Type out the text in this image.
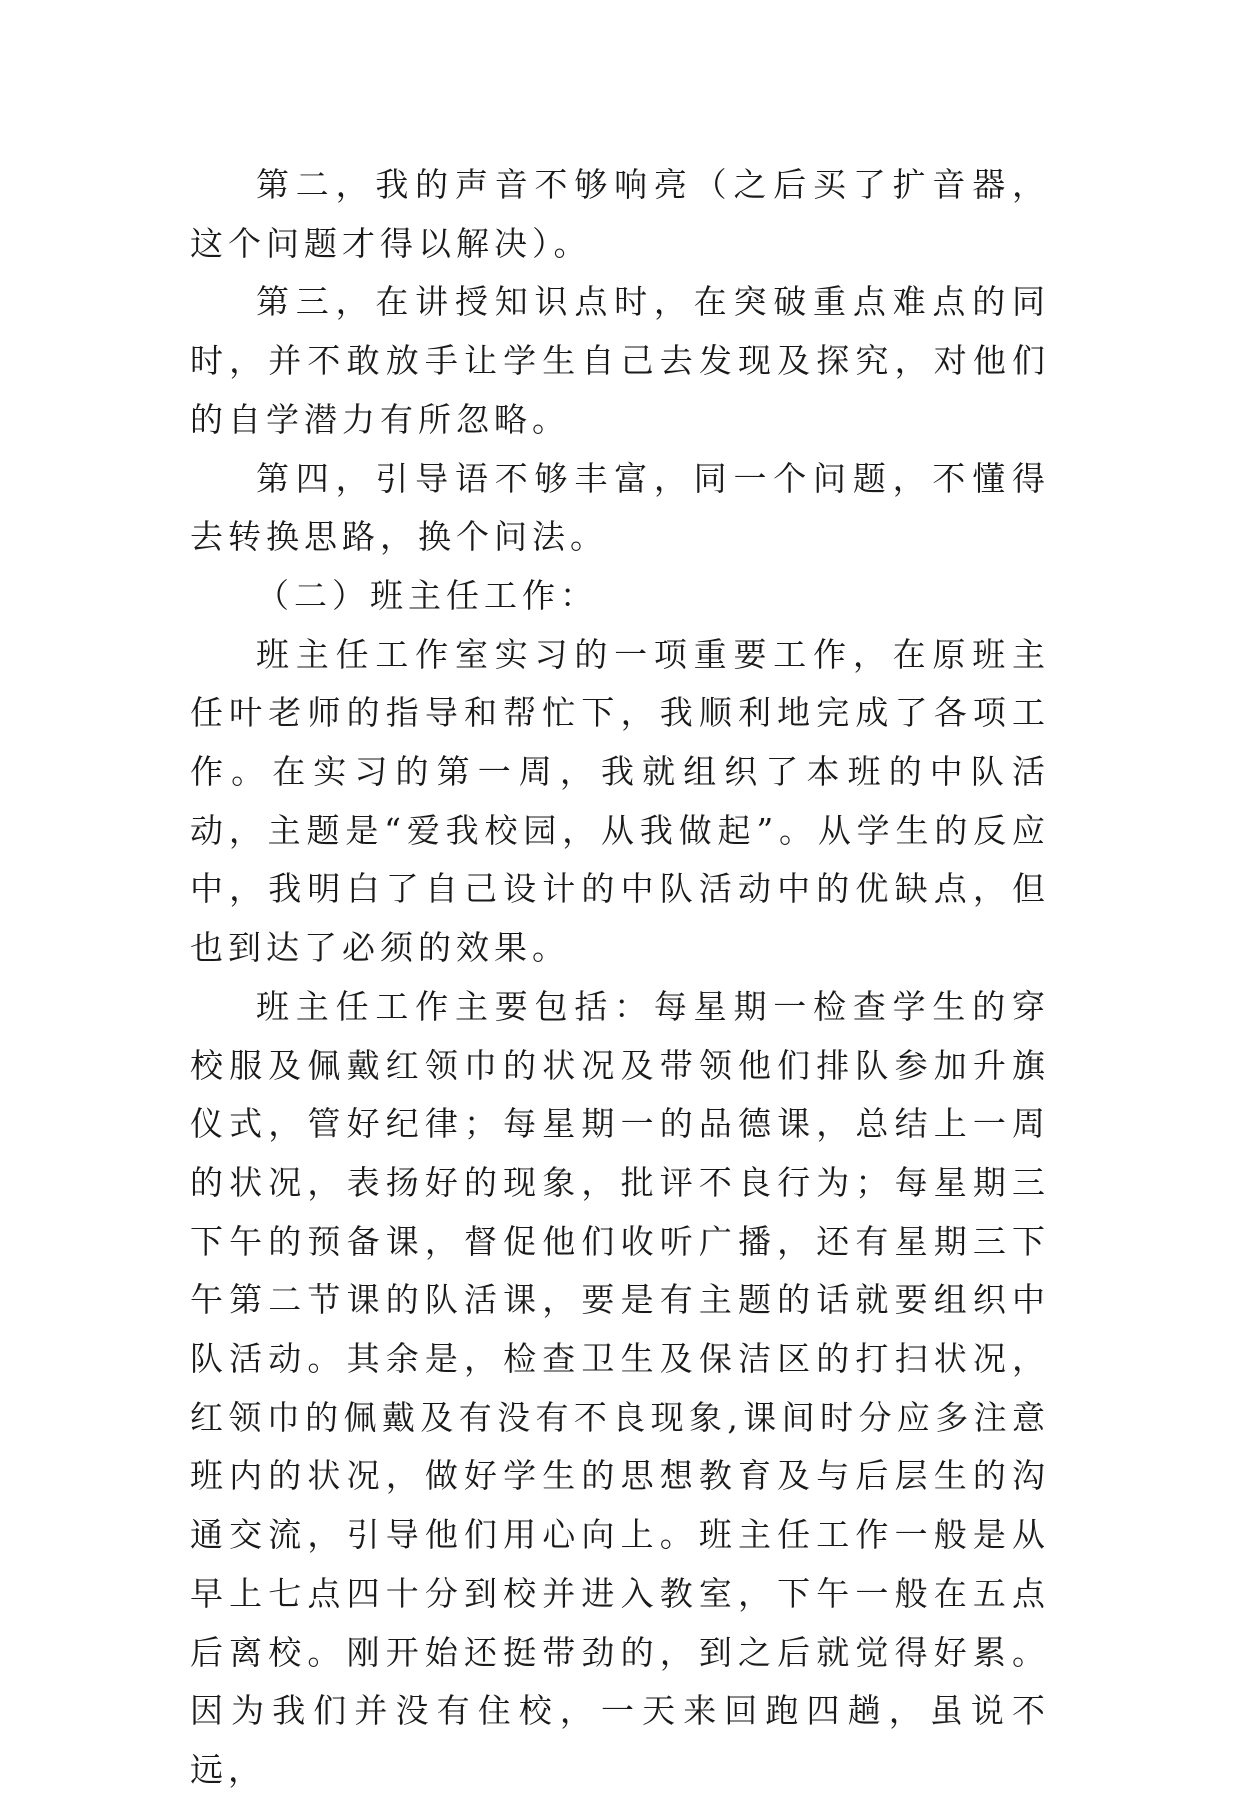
第二，我的声音不够响亮（之后买了扩音器，这个问题才得以解决）。

第三，在讲授知识点时，在突破重点难点的同时，并不敢放手让学生自己去发现及探究，对他们的自学潜力有所忽略。

第四，引导语不够丰富，同一个问题，不懂得去转换思路，换个问法。

（二）班主任工作：

班主任工作室实习的一项重要工作，在原班主任叶老师的指导和帮忙下，我顺利地完成了各项工作。在实习的第一周，我就组织了本班的中队活动，主题是“爱我校园，从我做起”。从学生的反应中，我明白了自己设计的中队活动中的优缺点，但也到达了必须的效果。

班主任工作主要包括：每星期一检查学生的穿校服及佩戴红领巾的状况及带领他们排队参加升旗仪式，管好纪律；每星期一的品德课，总结上一周的状况，表扬好的现象，批评不良行为；每星期三下午的预备课，督促他们收听广播，还有星期三下午第二节课的队活课，要是有主题的话就要组织中队活动。其余是，检查卫生及保洁区的打扫状况，红领巾的佩戴及有没有不良现象,课间时分应多注意班内的状况，做好学生的思想教育及与后层生的沟通交流，引导他们用心向上。班主任工作一般是从早上七点四十分到校并进入教室，下午一般在五点后离校。刚开始还挺带劲的，到之后就觉得好累。因为我们并没有住校，一天来回跑四趟，虽说不远，
